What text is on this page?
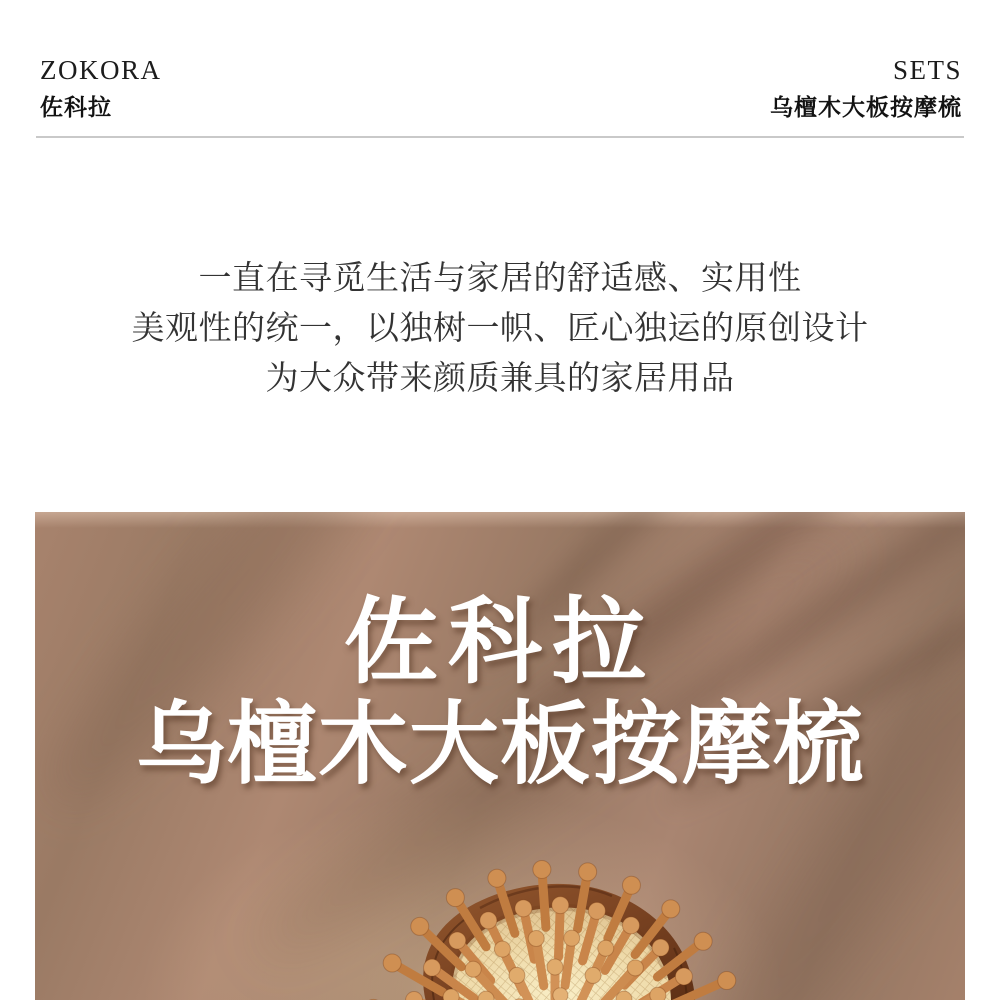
ZOKORA
佐科拉
SETS
乌檀木大板按摩梳

一直在寻觅生活与家居的舒适感、实用性

美观性的统一，以独树一帜、匠心独运的原创设计

为大众带来颜质兼具的家居用品

佐科拉
乌檀木大板按摩梳
